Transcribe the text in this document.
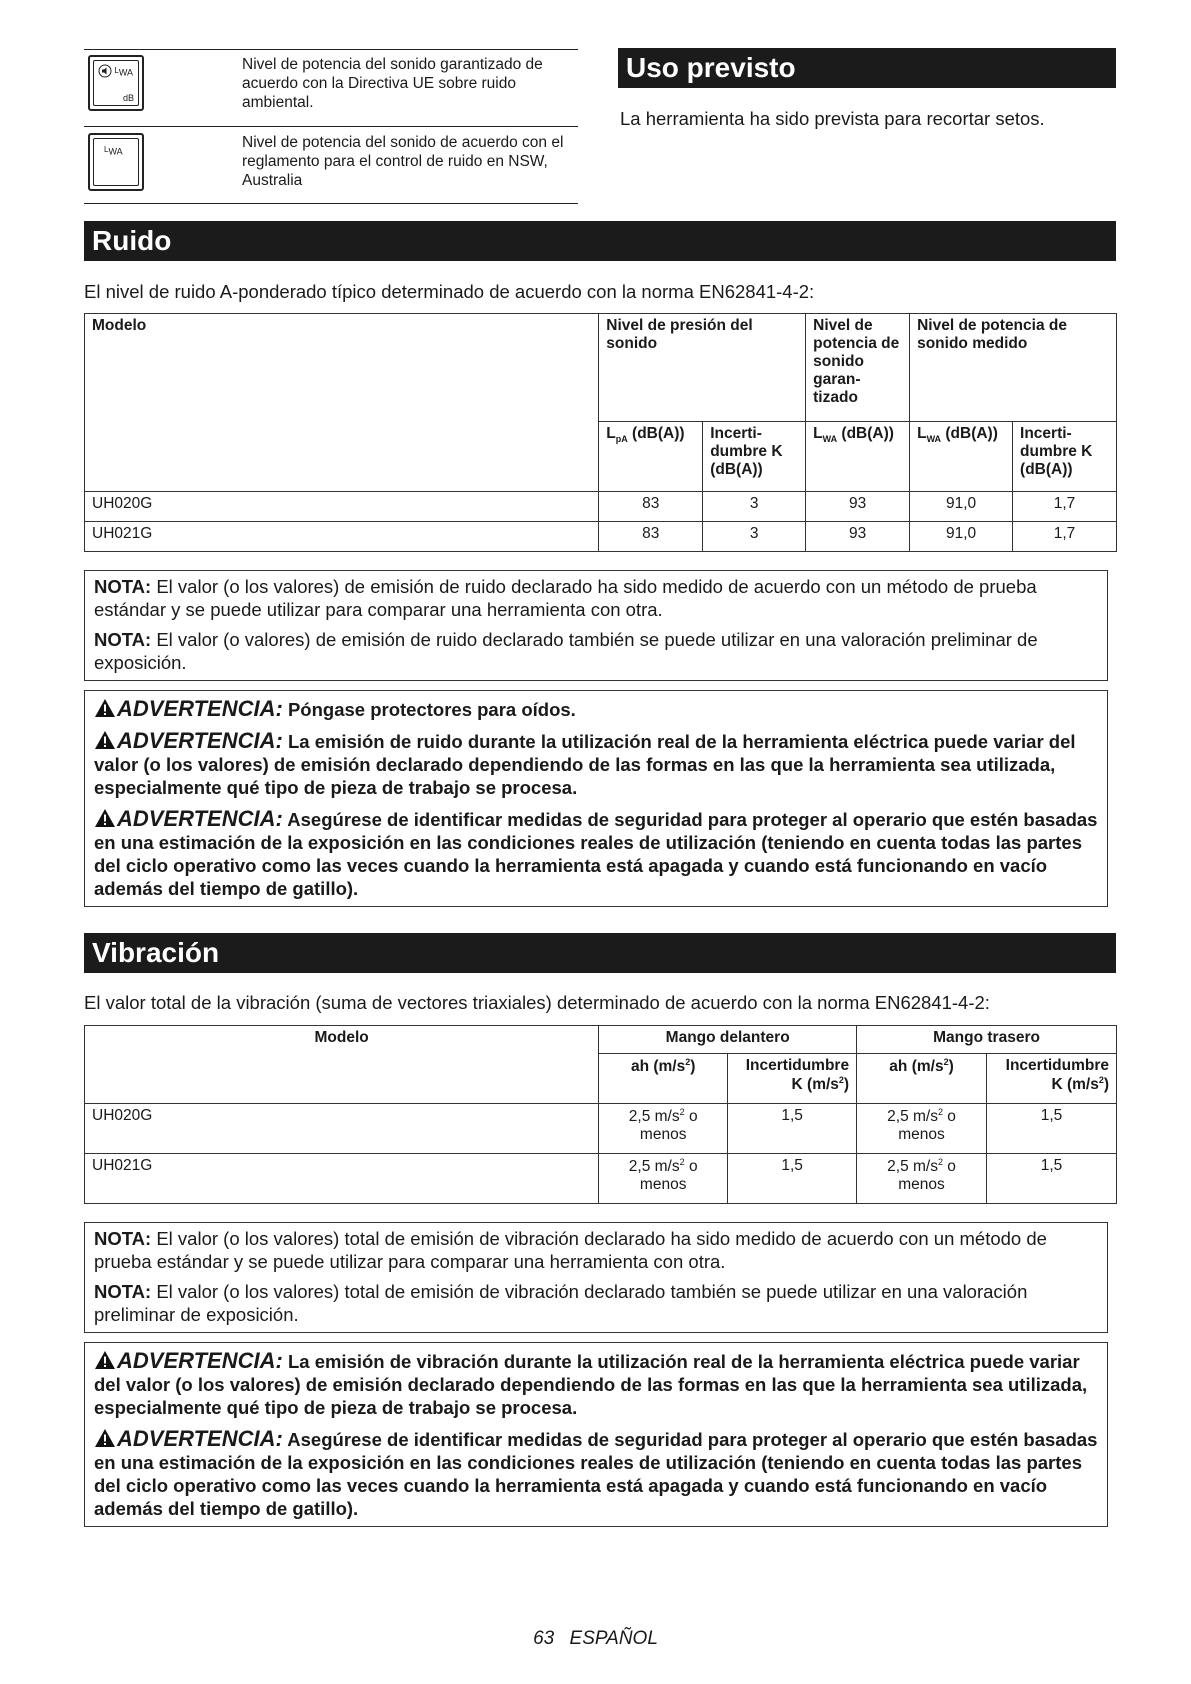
$L_{WA}$
dB
Nivel de potencia del sonido garantizado de acuerdo con la Directiva UE sobre ruido ambiental.
$L_{WA}$
Nivel de potencia del sonido de acuerdo con el reglamento para el control de ruido en NSW, Australia
Uso previsto
La herramienta ha sido prevista para recortar setos.
Ruido
El nivel de ruido A-ponderado típico determinado de acuerdo con la norma EN62841-4-2:
Modelo	Nivel de presión del sonido		Nivel de potencia de sonido garan-tizado	Nivel de potencia de sonido medido	
	$L_{pA}$ (dB(A))	Incerti-dumbre K (dB(A))	$L_{WA}$ (dB(A))	$L_{WA}$ (dB(A))	Incerti-dumbre K (dB(A))
UH020G	83	3	93	91,0	1,7
UH021G	83	3	93	91,0	1,7

NOTA: El valor (o los valores) de emisión de ruido declarado ha sido medido de acuerdo con un método de prueba estándar y se puede utilizar para comparar una herramienta con otra.

NOTA: El valor (o valores) de emisión de ruido declarado también se puede utilizar en una valoración preliminar de exposición.

ADVERTENCIA: Póngase protectores para oídos.

ADVERTENCIA: La emisión de ruido durante la utilización real de la herramienta eléctrica puede variar del valor (o los valores) de emisión declarado dependiendo de las formas en las que la herramienta sea utilizada, especialmente qué tipo de pieza de trabajo se procesa.

ADVERTENCIA: Asegúrese de identificar medidas de seguridad para proteger al operario que estén basadas en una estimación de la exposición en las condiciones reales de utilización (teniendo en cuenta todas las partes del ciclo operativo como las veces cuando la herramienta está apagada y cuando está funcionando en vacío además del tiempo de gatillo).

Vibración
El valor total de la vibración (suma de vectores triaxiales) determinado de acuerdo con la norma EN62841-4-2:
Modelo	Mango delantero		Mango trasero	
	ah $(m/s^2)$	Incertidumbre K $(m/s^2)$	ah $(m/s^2)$	Incertidumbre K $(m/s^2)$
UH020G	2,5 $m/s^2$ o menos	1,5	2,5 $m/s^2$ o menos	1,5
UH021G	2,5 $m/s^2$ o menos	1,5	2,5 $m/s^2$ o menos	1,5

NOTA: El valor (o los valores) total de emisión de vibración declarado ha sido medido de acuerdo con un método de prueba estándar y se puede utilizar para comparar una herramienta con otra.

NOTA: El valor (o los valores) total de emisión de vibración declarado también se puede utilizar en una valoración preliminar de exposición.

ADVERTENCIA: La emisión de vibración durante la utilización real de la herramienta eléctrica puede variar del valor (o los valores) de emisión declarado dependiendo de las formas en las que la herramienta sea utilizada, especialmente qué tipo de pieza de trabajo se procesa.

ADVERTENCIA: Asegúrese de identificar medidas de seguridad para proteger al operario que estén basadas en una estimación de la exposición en las condiciones reales de utilización (teniendo en cuenta todas las partes del ciclo operativo como las veces cuando la herramienta está apagada y cuando está funcionando en vacío además del tiempo de gatillo).

63 ESPAÑOL
